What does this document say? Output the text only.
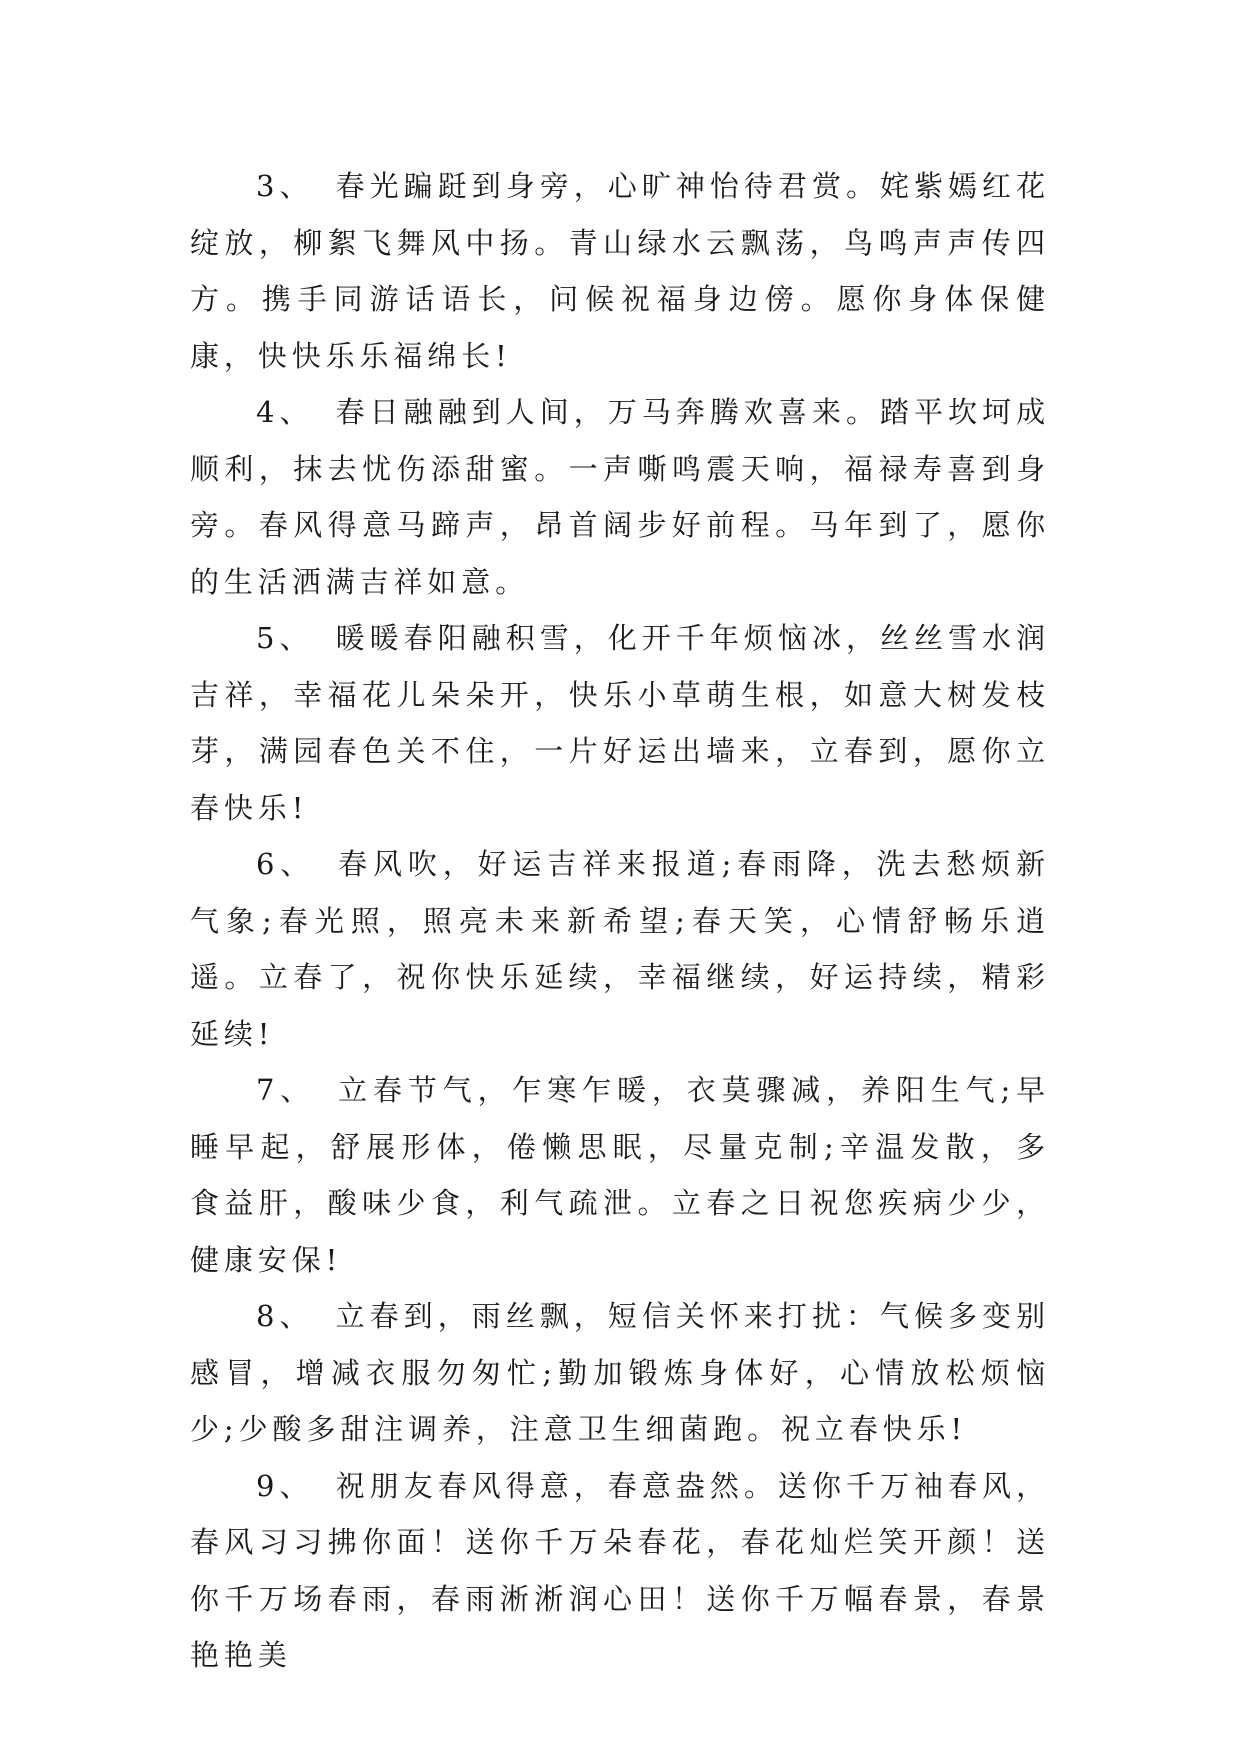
3、 春光蹁跹到身旁，心旷神怡待君赏。姹紫嫣红花绽放，柳絮飞舞风中扬。青山绿水云飘荡，鸟鸣声声传四方。携手同游话语长，问候祝福身边傍。愿你身体保健康，快快乐乐福绵长!

4、 春日融融到人间，万马奔腾欢喜来。踏平坎坷成顺利，抹去忧伤添甜蜜。一声嘶鸣震天响，福禄寿喜到身旁。春风得意马蹄声，昂首阔步好前程。马年到了，愿你的生活洒满吉祥如意。

5、 暖暖春阳融积雪，化开千年烦恼冰，丝丝雪水润吉祥，幸福花儿朵朵开，快乐小草萌生根，如意大树发枝芽，满园春色关不住，一片好运出墙来，立春到，愿你立春快乐!

6、 春风吹，好运吉祥来报道;春雨降，洗去愁烦新气象;春光照，照亮未来新希望;春天笑，心情舒畅乐逍遥。立春了，祝你快乐延续，幸福继续，好运持续，精彩延续!

7、 立春节气，乍寒乍暖，衣莫骤减，养阳生气;早睡早起，舒展形体，倦懒思眠，尽量克制;辛温发散，多食益肝，酸味少食，利气疏泄。立春之日祝您疾病少少，健康安保!

8、 立春到，雨丝飘，短信关怀来打扰：气候多变别感冒，增减衣服勿匆忙;勤加锻炼身体好，心情放松烦恼少;少酸多甜注调养，注意卫生细菌跑。祝立春快乐!

9、 祝朋友春风得意，春意盎然。送你千万袖春风，春风习习拂你面！送你千万朵春花，春花灿烂笑开颜！送你千万场春雨，春雨淅淅润心田！送你千万幅春景，春景艳艳美
